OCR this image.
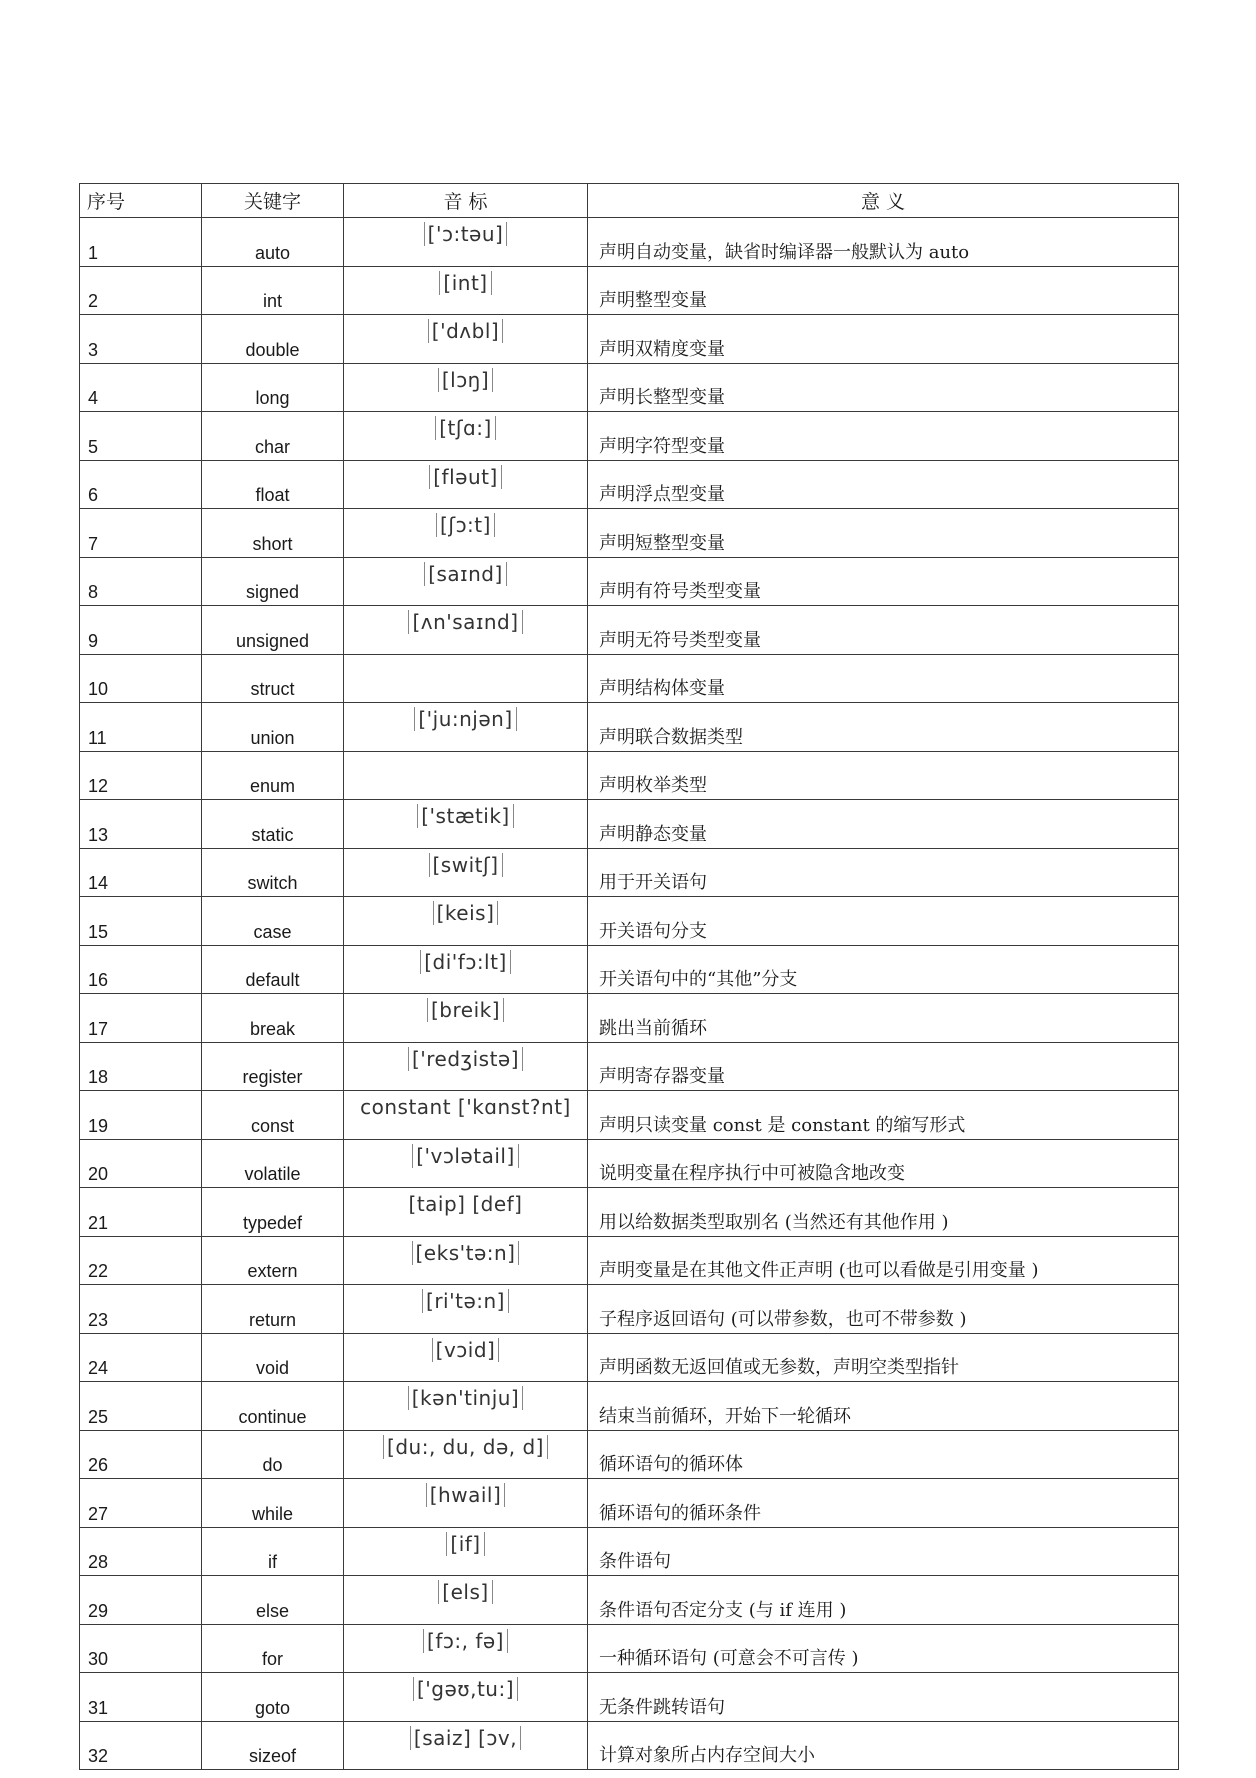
序号	关键字	音 标	意 义
1	auto	['ɔ:təu]	声明自动变量，缺省时编译器一般默认为 auto
2	int	[int]	声明整型变量
3	double	['dʌbl]	声明双精度变量
4	long	[lɔŋ]	声明长整型变量
5	char	[tʃɑ:]	声明字符型变量
6	float	[fləut]	声明浮点型变量
7	short	[ʃɔ:t]	声明短整型变量
8	signed	[saɪnd]	声明有符号类型变量
9	unsigned	[ʌn'saɪnd]	声明无符号类型变量
10	struct		声明结构体变量
11	union	['ju:njən]	声明联合数据类型
12	enum		声明枚举类型
13	static	['stætik]	声明静态变量
14	switch	[switʃ]	用于开关语句
15	case	[keis]	开关语句分支
16	default	[di'fɔ:lt]	开关语句中的“其他”分支
17	break	[breik]	跳出当前循环
18	register	['redʒistə]	声明寄存器变量
19	const	constant ['kɑnst?nt]	声明只读变量 const 是 constant 的缩写形式
20	volatile	['vɔlətail]	说明变量在程序执行中可被隐含地改变
21	typedef	[taip] [def]	用以给数据类型取别名 (当然还有其他作用 )
22	extern	[eks'tə:n]	声明变量是在其他文件正声明 (也可以看做是引用变量 )
23	return	[ri'tə:n]	子程序返回语句 (可以带参数，也可不带参数 )
24	void	[vɔid]	声明函数无返回值或无参数，声明空类型指针
25	continue	[kən'tinju]	结束当前循环，开始下一轮循环
26	do	[du:, du, də, d]	循环语句的循环体
27	while	[hwail]	循环语句的循环条件
28	if	[if]	条件语句
29	else	[els]	条件语句否定分支 (与 if 连用 )
30	for	[fɔ:, fə]	一种循环语句 (可意会不可言传 )
31	goto	['gəʊ,tu:]	无条件跳转语句
32	sizeof	[saiz] [ɔv,	计算对象所占内存空间大小
